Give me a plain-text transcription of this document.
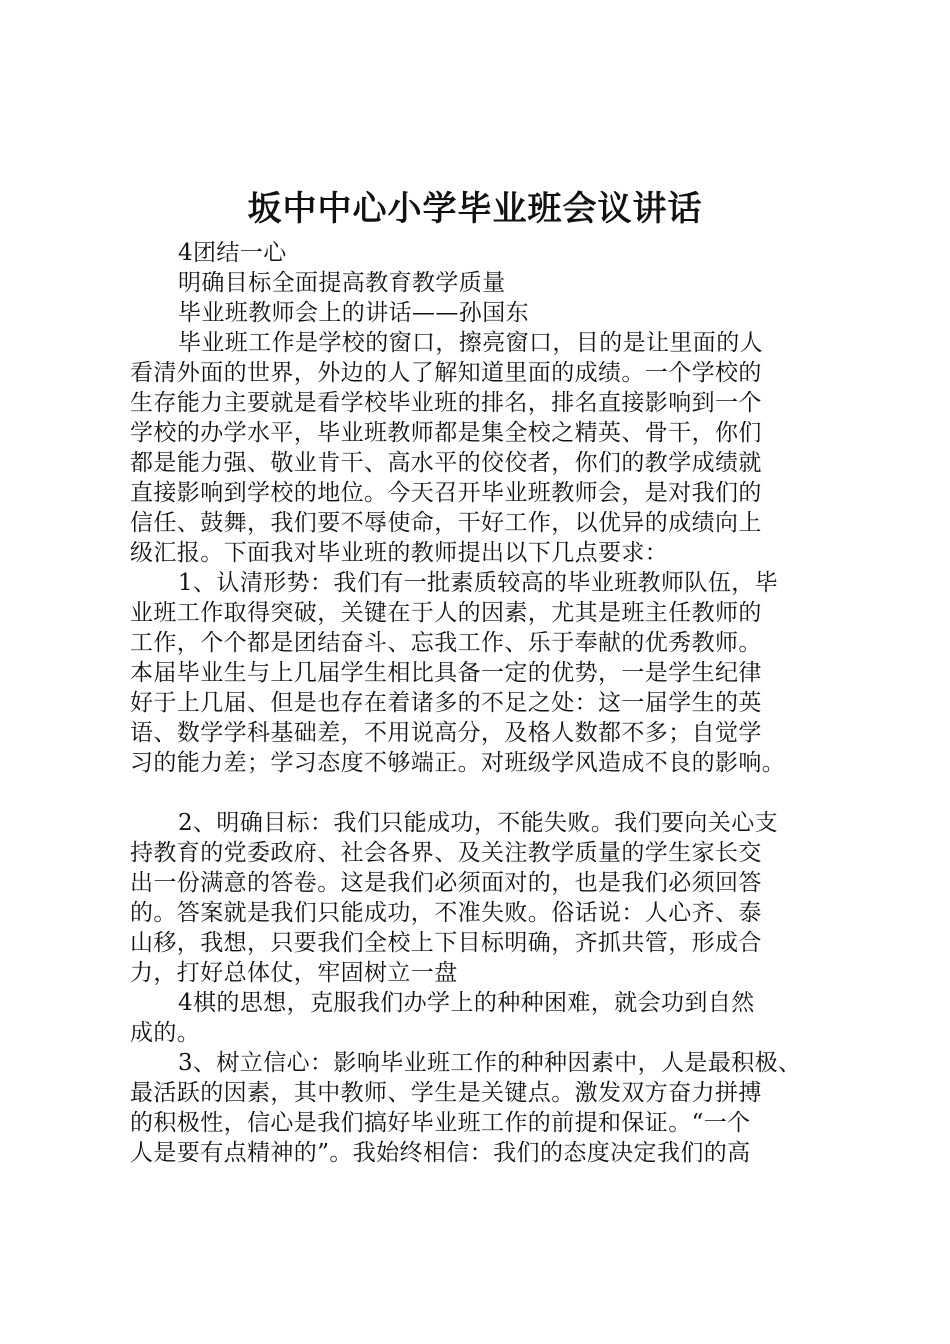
坂中中心小学毕业班会议讲话

4团结一心

明确目标全面提高教育教学质量

毕业班教师会上的讲话——孙国东

毕业班工作是学校的窗口，擦亮窗口，目的是让里面的人

看清外面的世界，外边的人了解知道里面的成绩。一个学校的

生存能力主要就是看学校毕业班的排名，排名直接影响到一个

学校的办学水平，毕业班教师都是集全校之精英、骨干，你们

都是能力强、敬业肯干、高水平的佼佼者，你们的教学成绩就

直接影响到学校的地位。今天召开毕业班教师会，是对我们的

信任、鼓舞，我们要不辱使命，干好工作，以优异的成绩向上

级汇报。下面我对毕业班的教师提出以下几点要求：

1、认清形势：我们有一批素质较高的毕业班教师队伍，毕

业班工作取得突破，关键在于人的因素，尤其是班主任教师的

工作，个个都是团结奋斗、忘我工作、乐于奉献的优秀教师。

本届毕业生与上几届学生相比具备一定的优势，一是学生纪律

好于上几届、但是也存在着诸多的不足之处：这一届学生的英

语、数学学科基础差，不用说高分，及格人数都不多；自觉学

习的能力差；学习态度不够端正。对班级学风造成不良的影响。

2、明确目标：我们只能成功，不能失败。我们要向关心支

持教育的党委政府、社会各界、及关注教学质量的学生家长交

出一份满意的答卷。这是我们必须面对的，也是我们必须回答

的。答案就是我们只能成功，不准失败。俗话说：人心齐、泰

山移，我想，只要我们全校上下目标明确，齐抓共管，形成合

力，打好总体仗，牢固树立一盘

4棋的思想，克服我们办学上的种种困难，就会功到自然

成的。

3、树立信心：影响毕业班工作的种种因素中，人是最积极、

最活跃的因素，其中教师、学生是关键点。激发双方奋力拼搏

的积极性，信心是我们搞好毕业班工作的前提和保证。“一个

人是要有点精神的”。我始终相信：我们的态度决定我们的高
